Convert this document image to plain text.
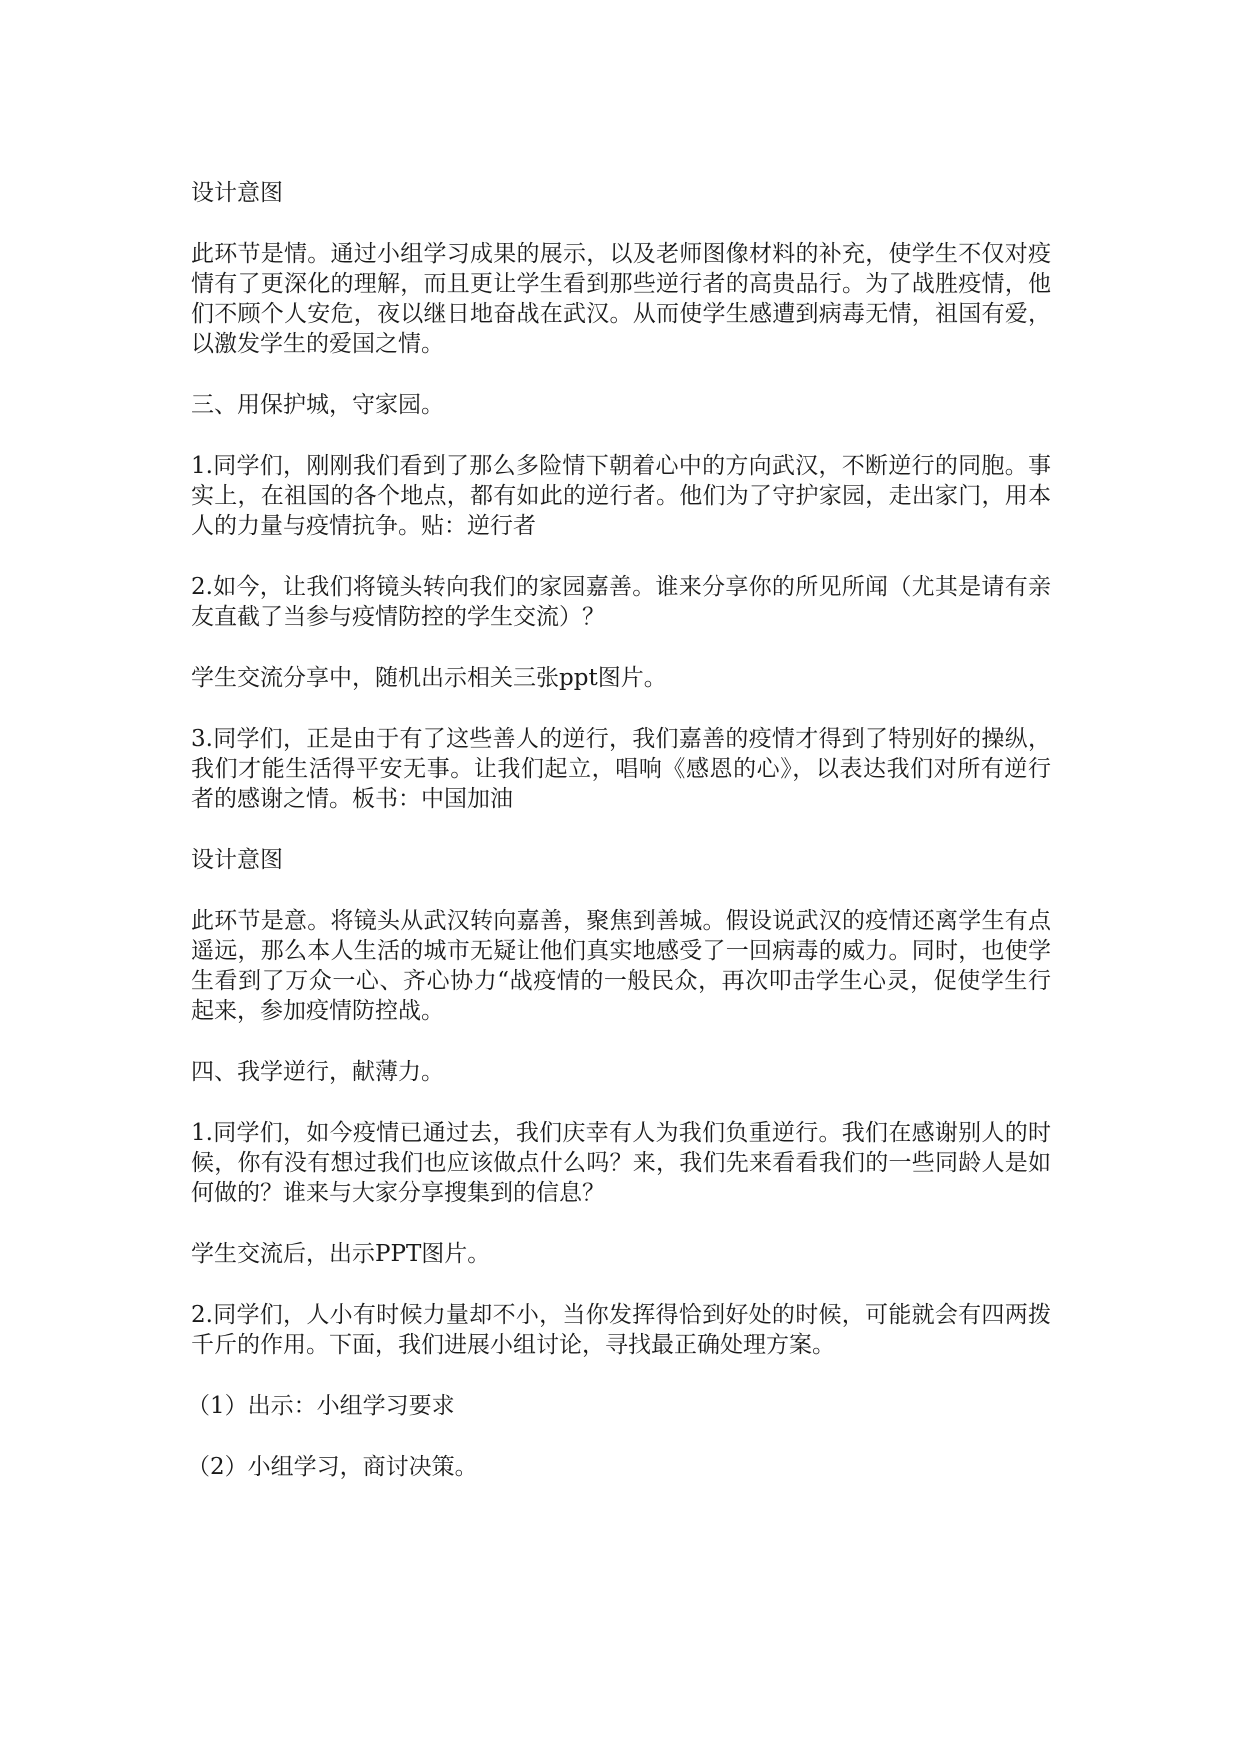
设计意图

此环节是情。通过小组学习成果的展示，以及老师图像材料的补充，使学生不仅对疫情有了更深化的理解，而且更让学生看到那些逆行者的高贵品行。为了战胜疫情，他们不顾个人安危，夜以继日地奋战在武汉。从而使学生感遭到病毒无情，祖国有爱，以激发学生的爱国之情。

三、用保护城，守家园。

1.同学们，刚刚我们看到了那么多险情下朝着心中的方向武汉，不断逆行的同胞。事实上，在祖国的各个地点，都有如此的逆行者。他们为了守护家园，走出家门，用本人的力量与疫情抗争。贴：逆行者

2.如今，让我们将镜头转向我们的家园嘉善。谁来分享你的所见所闻（尤其是请有亲友直截了当参与疫情防控的学生交流）？

学生交流分享中，随机出示相关三张ppt图片。

3.同学们，正是由于有了这些善人的逆行，我们嘉善的疫情才得到了特别好的操纵，我们才能生活得平安无事。让我们起立，唱响《感恩的心》，以表达我们对所有逆行者的感谢之情。板书：中国加油

设计意图

此环节是意。将镜头从武汉转向嘉善，聚焦到善城。假设说武汉的疫情还离学生有点遥远，那么本人生活的城市无疑让他们真实地感受了一回病毒的威力。同时，也使学生看到了万众一心、齐心协力“战疫情的一般民众，再次叩击学生心灵，促使学生行起来，参加疫情防控战。

四、我学逆行，献薄力。

1.同学们，如今疫情已通过去，我们庆幸有人为我们负重逆行。我们在感谢别人的时候，你有没有想过我们也应该做点什么吗？来，我们先来看看我们的一些同龄人是如何做的？谁来与大家分享搜集到的信息？

学生交流后，出示PPT图片。

2.同学们，人小有时候力量却不小，当你发挥得恰到好处的时候，可能就会有四两拨千斤的作用。下面，我们进展小组讨论，寻找最正确处理方案。

（1）出示：小组学习要求

（2）小组学习，商讨决策。
